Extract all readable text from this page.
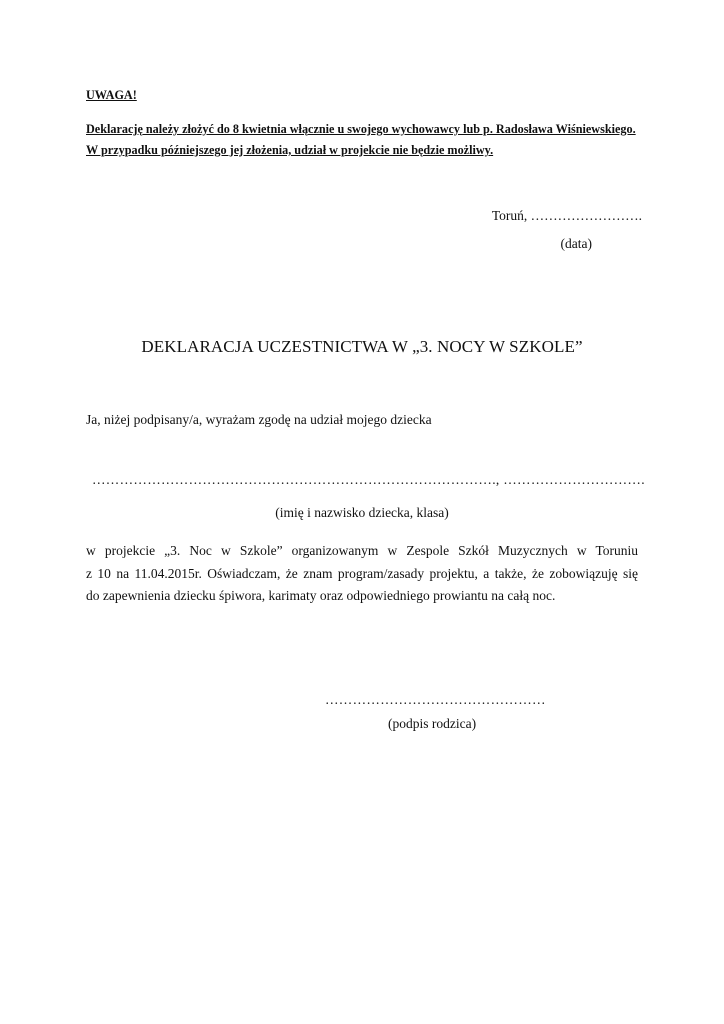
UWAGA!
Deklarację należy złożyć do 8 kwietnia włącznie u swojego wychowawcy lub p. Radosława Wiśniewskiego.
W przypadku późniejszego jej złożenia, udział w projekcie nie będzie możliwy.
Toruń, …………………….
(data)
DEKLARACJA UCZESTNICTWA W „3. NOCY W SZKOLE”
Ja, niżej podpisany/a, wyrażam zgodę na udział mojego dziecka
……………………………………………………………………………., ………………………….
(imię i nazwisko dziecka, klasa)
w projekcie „3. Noc w Szkole” organizowanym w Zespole Szkół Muzycznych w Toruniu
z 10 na 11.04.2015r. Oświadczam, że znam program/zasady projektu, a także, że zobowiązuję się
do zapewnienia dziecku śpiwora, karimaty oraz odpowiedniego prowiantu na całą noc.
…………………………………………
(podpis rodzica)
